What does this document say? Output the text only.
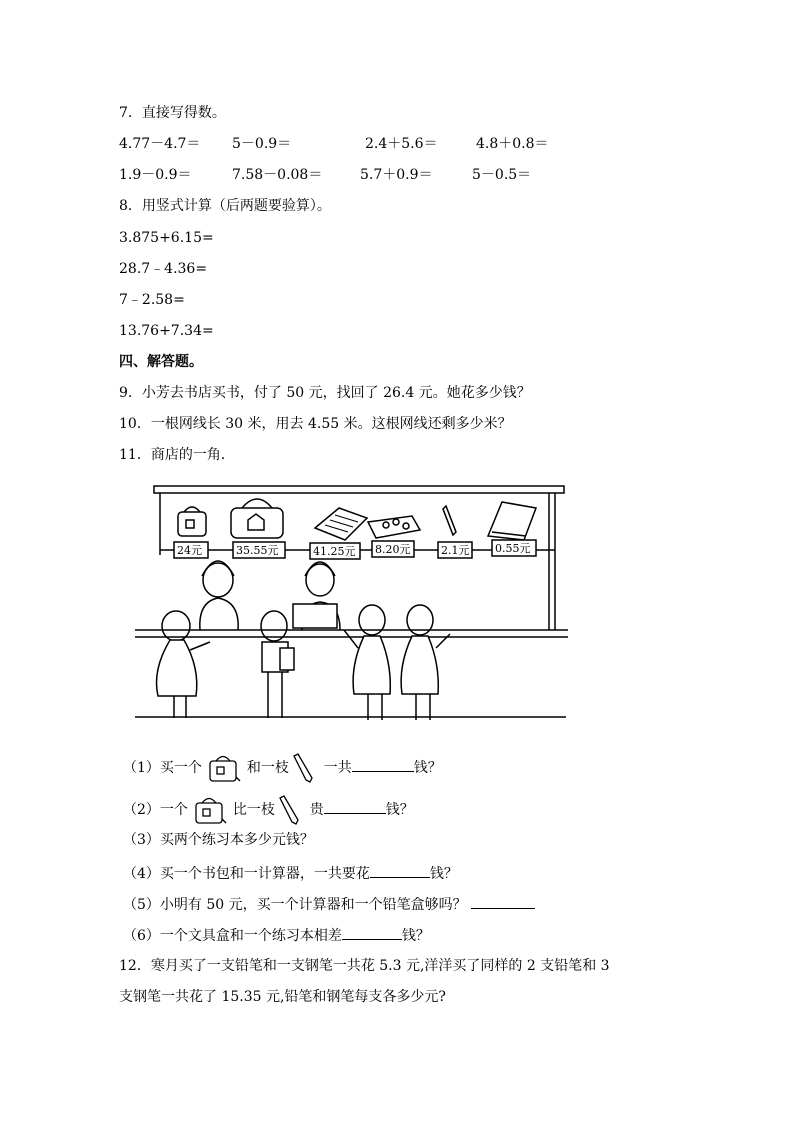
7．直接写得数。
4.77－4.7＝ 5－0.9＝	2.4＋5.6＝	4.8＋0.8＝
1.9－0.9＝	7.58－0.08＝	5.7＋0.9＝	5－0.5＝
8．用竖式计算（后两题要验算）。
3.875+6.15=
28.7﹣4.36=
7﹣2.58=
13.76+7.34=
四、解答题。
9．小芳去书店买书，付了 50 元，找回了 26.4 元。她花多少钱？
10．一根网线长 30 米，用去 4.55 米。这根网线还剩多少米？
11．商店的一角．
24元	35.55元	41.25元 8.20元	2.1元 0.55元
（1）买一个	和一枝 一共	钱？
（2）一个	比一枝 贵	钱？
（3）买两个练习本多少元钱？
（4）买一个书包和一计算器，一共要花	钱？
（5）小明有 50 元，买一个计算器和一个铅笔盒够吗？
（6）一个文具盒和一个练习本相差	钱？
12．寒月买了一支铅笔和一支钢笔一共花 5.3 元,洋洋买了同样的 2 支铅笔和 3
支钢笔一共花了 15.35 元,铅笔和钢笔每支各多少元?
